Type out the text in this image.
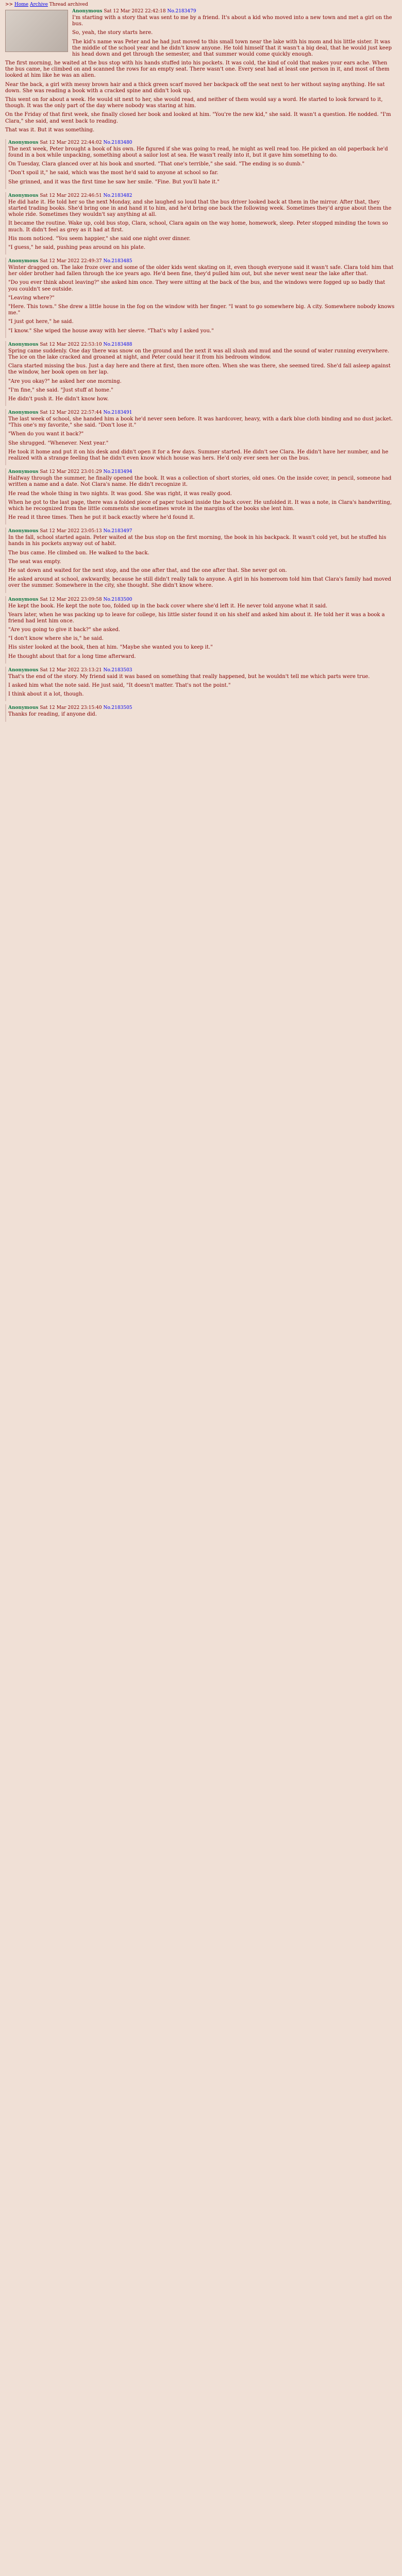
>> Home Archive Thread archived
Anonymous Sat 12 Mar 2022 22:42:18 No.2183479

I'm starting with a story that was sent to me by a friend. It's about a kid who moved into a new town and met a girl on the bus.

So, yeah, the story starts here.

The kid's name was Peter and he had just moved to this small town near the lake with his mom and his little sister. It was the middle of the school year and he didn't know anyone. He told himself that it wasn't a big deal, that he would just keep his head down and get through the semester, and that summer would come quickly enough.

The first morning, he waited at the bus stop with his hands stuffed into his pockets. It was cold, the kind of cold that makes your ears ache. When the bus came, he climbed on and scanned the rows for an empty seat. There wasn't one. Every seat had at least one person in it, and most of them looked at him like he was an alien.

Near the back, a girl with messy brown hair and a thick green scarf moved her backpack off the seat next to her without saying anything. He sat down. She was reading a book with a cracked spine and didn't look up.

This went on for about a week. He would sit next to her, she would read, and neither of them would say a word. He started to look forward to it, though. It was the only part of the day where nobody was staring at him.

On the Friday of that first week, she finally closed her book and looked at him. "You're the new kid," she said. It wasn't a question. He nodded. "I'm Clara," she said, and went back to reading.

That was it. But it was something.

Anonymous Sat 12 Mar 2022 22:44:02 No.2183480

The next week, Peter brought a book of his own. He figured if she was going to read, he might as well read too. He picked an old paperback he'd found in a box while unpacking, something about a sailor lost at sea. He wasn't really into it, but it gave him something to do.

On Tuesday, Clara glanced over at his book and snorted. "That one's terrible," she said. "The ending is so dumb."

"Don't spoil it," he said, which was the most he'd said to anyone at school so far.

She grinned, and it was the first time he saw her smile. "Fine. But you'll hate it."

Anonymous Sat 12 Mar 2022 22:46:51 No.2183482

He did hate it. He told her so the next Monday, and she laughed so loud that the bus driver looked back at them in the mirror. After that, they started trading books. She'd bring one in and hand it to him, and he'd bring one back the following week. Sometimes they'd argue about them the whole ride. Sometimes they wouldn't say anything at all.

It became the routine. Wake up, cold bus stop, Clara, school, Clara again on the way home, homework, sleep. Peter stopped minding the town so much. It didn't feel as grey as it had at first.

His mom noticed. "You seem happier," she said one night over dinner.

"I guess," he said, pushing peas around on his plate.

Anonymous Sat 12 Mar 2022 22:49:37 No.2183485

Winter dragged on. The lake froze over and some of the older kids went skating on it, even though everyone said it wasn't safe. Clara told him that her older brother had fallen through the ice years ago. He'd been fine, they'd pulled him out, but she never went near the lake after that.

"Do you ever think about leaving?" she asked him once. They were sitting at the back of the bus, and the windows were fogged up so badly that you couldn't see outside.

"Leaving where?"

"Here. This town." She drew a little house in the fog on the window with her finger. "I want to go somewhere big. A city. Somewhere nobody knows me."

"I just got here," he said.

"I know." She wiped the house away with her sleeve. "That's why I asked you."

Anonymous Sat 12 Mar 2022 22:53:10 No.2183488

Spring came suddenly. One day there was snow on the ground and the next it was all slush and mud and the sound of water running everywhere. The ice on the lake cracked and groaned at night, and Peter could hear it from his bedroom window.

Clara started missing the bus. Just a day here and there at first, then more often. When she was there, she seemed tired. She'd fall asleep against the window, her book open on her lap.

"Are you okay?" he asked her one morning.

"I'm fine," she said. "Just stuff at home."

He didn't push it. He didn't know how.

Anonymous Sat 12 Mar 2022 22:57:44 No.2183491

The last week of school, she handed him a book he'd never seen before. It was hardcover, heavy, with a dark blue cloth binding and no dust jacket. "This one's my favorite," she said. "Don't lose it."

"When do you want it back?"

She shrugged. "Whenever. Next year."

He took it home and put it on his desk and didn't open it for a few days. Summer started. He didn't see Clara. He didn't have her number, and he realized with a strange feeling that he didn't even know which house was hers. He'd only ever seen her on the bus.

Anonymous Sat 12 Mar 2022 23:01:29 No.2183494

Halfway through the summer, he finally opened the book. It was a collection of short stories, old ones. On the inside cover, in pencil, someone had written a name and a date. Not Clara's name. He didn't recognize it.

He read the whole thing in two nights. It was good. She was right, it was really good.

When he got to the last page, there was a folded piece of paper tucked inside the back cover. He unfolded it. It was a note, in Clara's handwriting, which he recognized from the little comments she sometimes wrote in the margins of the books she lent him.

He read it three times. Then he put it back exactly where he'd found it.

Anonymous Sat 12 Mar 2022 23:05:13 No.2183497

In the fall, school started again. Peter waited at the bus stop on the first morning, the book in his backpack. It wasn't cold yet, but he stuffed his hands in his pockets anyway out of habit.

The bus came. He climbed on. He walked to the back.

The seat was empty.

He sat down and waited for the next stop, and the one after that, and the one after that. She never got on.

He asked around at school, awkwardly, because he still didn't really talk to anyone. A girl in his homeroom told him that Clara's family had moved over the summer. Somewhere in the city, she thought. She didn't know where.

Anonymous Sat 12 Mar 2022 23:09:58 No.2183500

He kept the book. He kept the note too, folded up in the back cover where she'd left it. He never told anyone what it said.

Years later, when he was packing up to leave for college, his little sister found it on his shelf and asked him about it. He told her it was a book a friend had lent him once.

"Are you going to give it back?" she asked.

"I don't know where she is," he said.

His sister looked at the book, then at him. "Maybe she wanted you to keep it."

He thought about that for a long time afterward.

Anonymous Sat 12 Mar 2022 23:13:21 No.2183503

That's the end of the story. My friend said it was based on something that really happened, but he wouldn't tell me which parts were true.

I asked him what the note said. He just said, "It doesn't matter. That's not the point."

I think about it a lot, though.

Anonymous Sat 12 Mar 2022 23:15:40 No.2183505

Thanks for reading, if anyone did.
